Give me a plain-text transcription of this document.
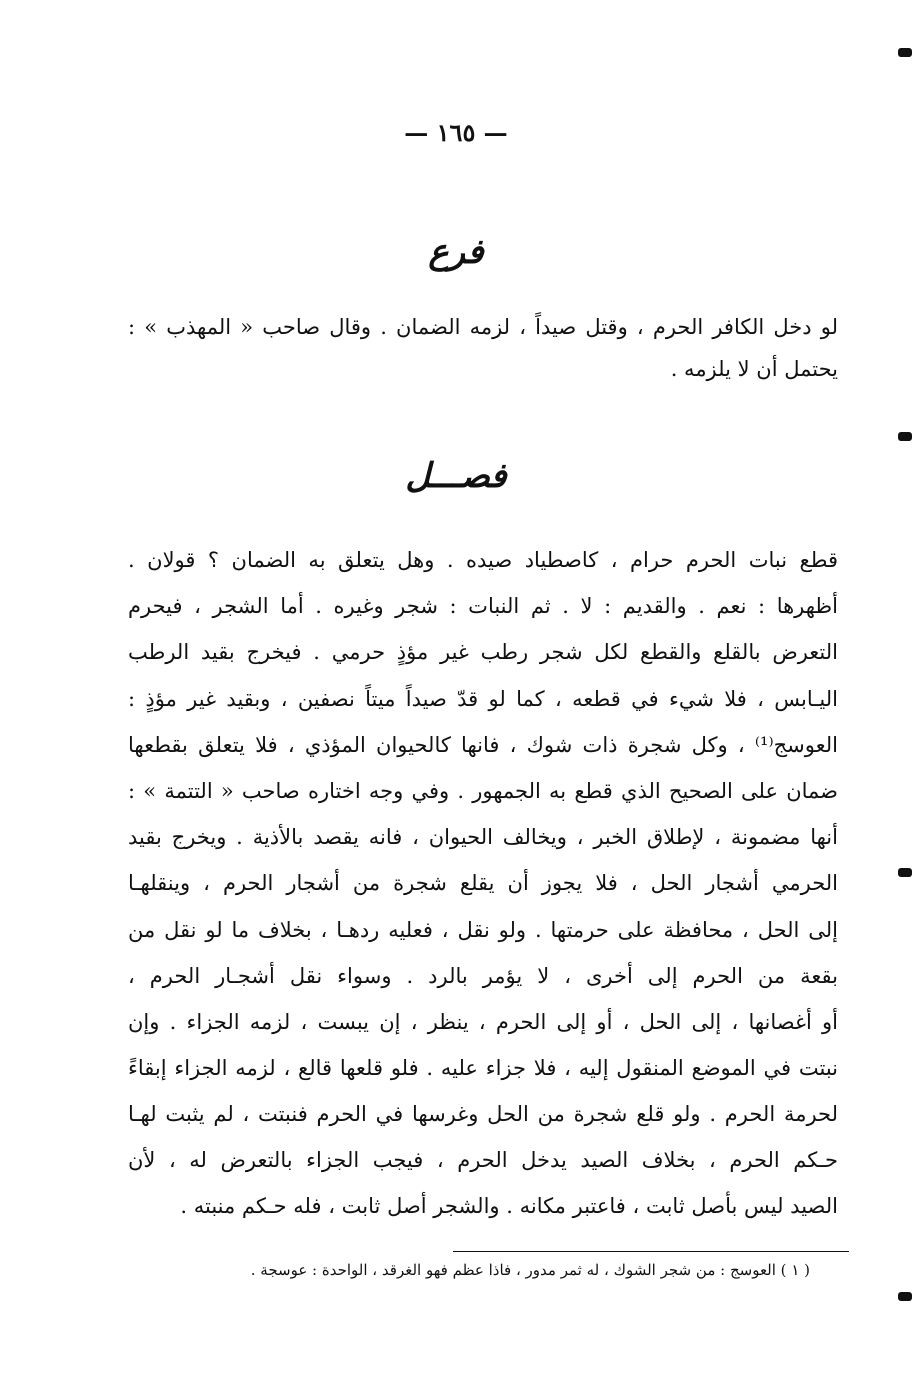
— ١٦٥ —
فرع
لو دخل الكافر الحرم ، وقتل صيداً ، لزمه الضمان . وقال صاحب « المهذب » :
يحتمل أن لا يلزمه .
فصـــل
قطع نبات الحرم حرام ، كاصطياد صيده . وهل يتعلق به الضمان ؟ قولان .
أظهرها : نعم . والقديم : لا . ثم النبات : شجر وغيره . أما الشجر ، فيحرم
التعرض بالقلع والقطع لكل شجر رطب غير مؤذٍ حرمي . فيخرج بقيد الرطب
اليـابس ، فلا شيء في قطعه ، كما لو قدّ صيداً ميتاً نصفين ، وبقيد غير مؤذٍ :
العوسج⁽¹⁾ ، وكل شجرة ذات شوك ، فانها كالحيوان المؤذي ، فلا يتعلق بقطعها
ضمان على الصحيح الذي قطع به الجمهور . وفي وجه اختاره صاحب « التتمة » :
أنها مضمونة ، لإطلاق الخبر ، ويخالف الحيوان ، فانه يقصد بالأذية . ويخرج بقيد
الحرمي أشجار الحل ، فلا يجوز أن يقلع شجرة من أشجار الحرم ، وينقلهـا
إلى الحل ، محافظة على حرمتها . ولو نقل ، فعليه ردهـا ، بخلاف ما لو نقل من
بقعة من الحرم إلى أخرى ، لا يؤمر بالرد . وسواء نقل أشجـار الحرم ،
أو أغصانها ، إلى الحل ، أو إلى الحرم ، ينظر ، إن يبست ، لزمه الجزاء . وإن
نبتت في الموضع المنقول إليه ، فلا جزاء عليه . فلو قلعها قالع ، لزمه الجزاء إبقاءً
لحرمة الحرم . ولو قلع شجرة من الحل وغرسها في الحرم فنبتت ، لم يثبت لهـا
حـكم الحرم ، بخلاف الصيد يدخل الحرم ، فيجب الجزاء بالتعرض له ، لأن
الصيد ليس بأصل ثابت ، فاعتبر مكانه . والشجر أصل ثابت ، فله حـكم منبته .
( ١ ) العوسج : من شجر الشوك ، له ثمر مدور ، فاذا عظم فهو الغرقد ، الواحدة : عوسجة .
